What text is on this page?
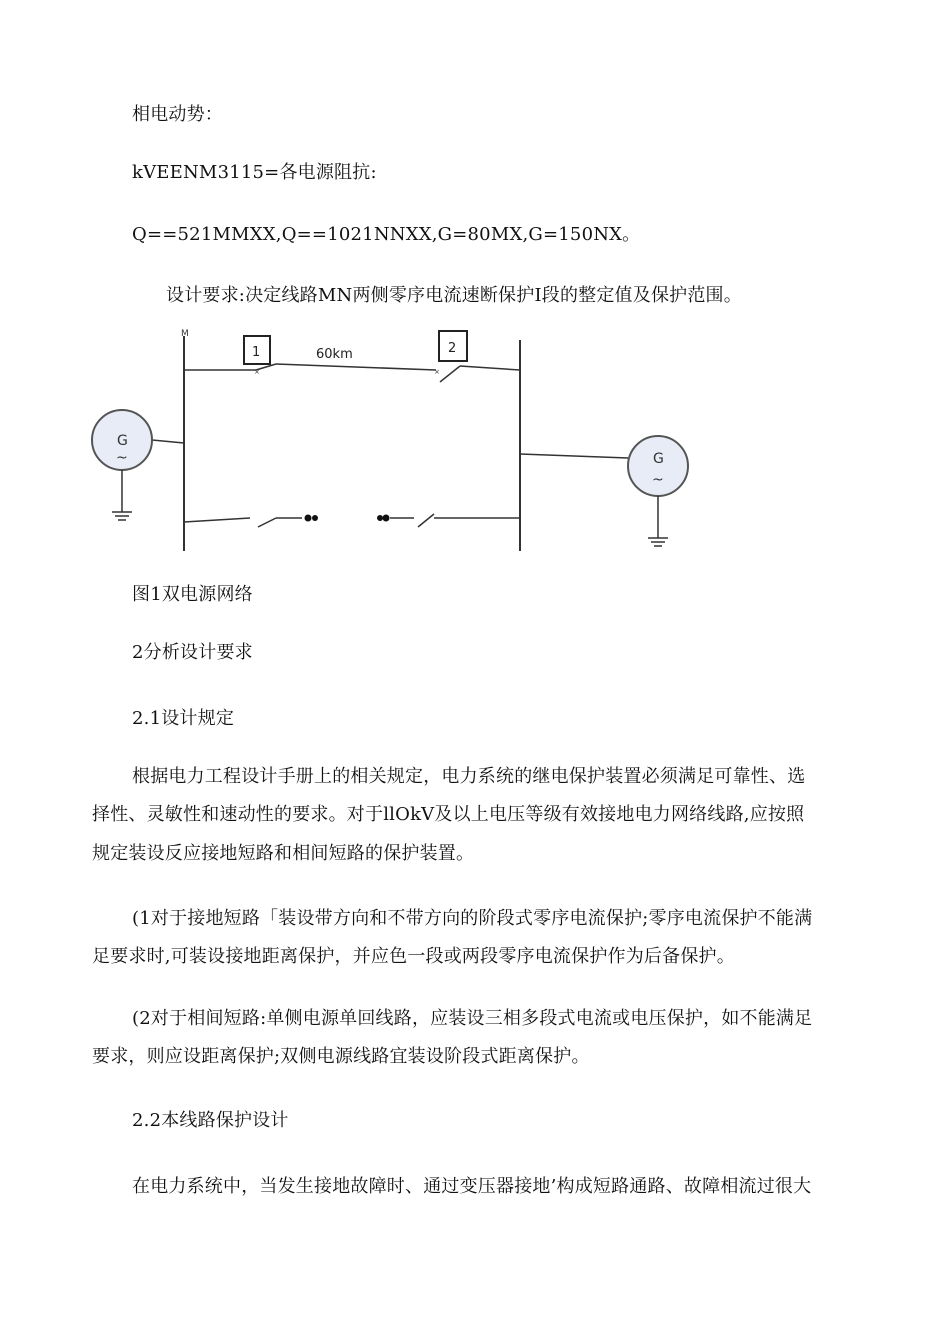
相电动势：
kVEENM3115=各电源阻抗:
Q==521MMXX,Q==1021NNXX,G=80MX,G=150NX。
设计要求:决定线路MN两侧零序电流速断保护I段的整定值及保护范围。
M
×	×
1	2
60km
G
~	G
~
图1双电源网络
2分析设计要求
2.1设计规定
根据电力工程设计手册上的相关规定，电力系统的继电保护装置必须满足可靠性、选
择性、灵敏性和速动性的要求。对于llOkV及以上电压等级有效接地电力网络线路,应按照
规定装设反应接地短路和相间短路的保护装置。
(1对于接地短路「装设带方向和不带方向的阶段式零序电流保护;零序电流保护不能满
足要求时,可装设接地距离保护，并应色一段或两段零序电流保护作为后备保护。
(2对于相间短路:单侧电源单回线路，应装设三相多段式电流或电压保护，如不能满足
要求，则应设距离保护;双侧电源线路宜装设阶段式距离保护。
2.2本线路保护设计
在电力系统中，当发生接地故障时、通过变压器接地’构成短路通路、故障相流过很大
